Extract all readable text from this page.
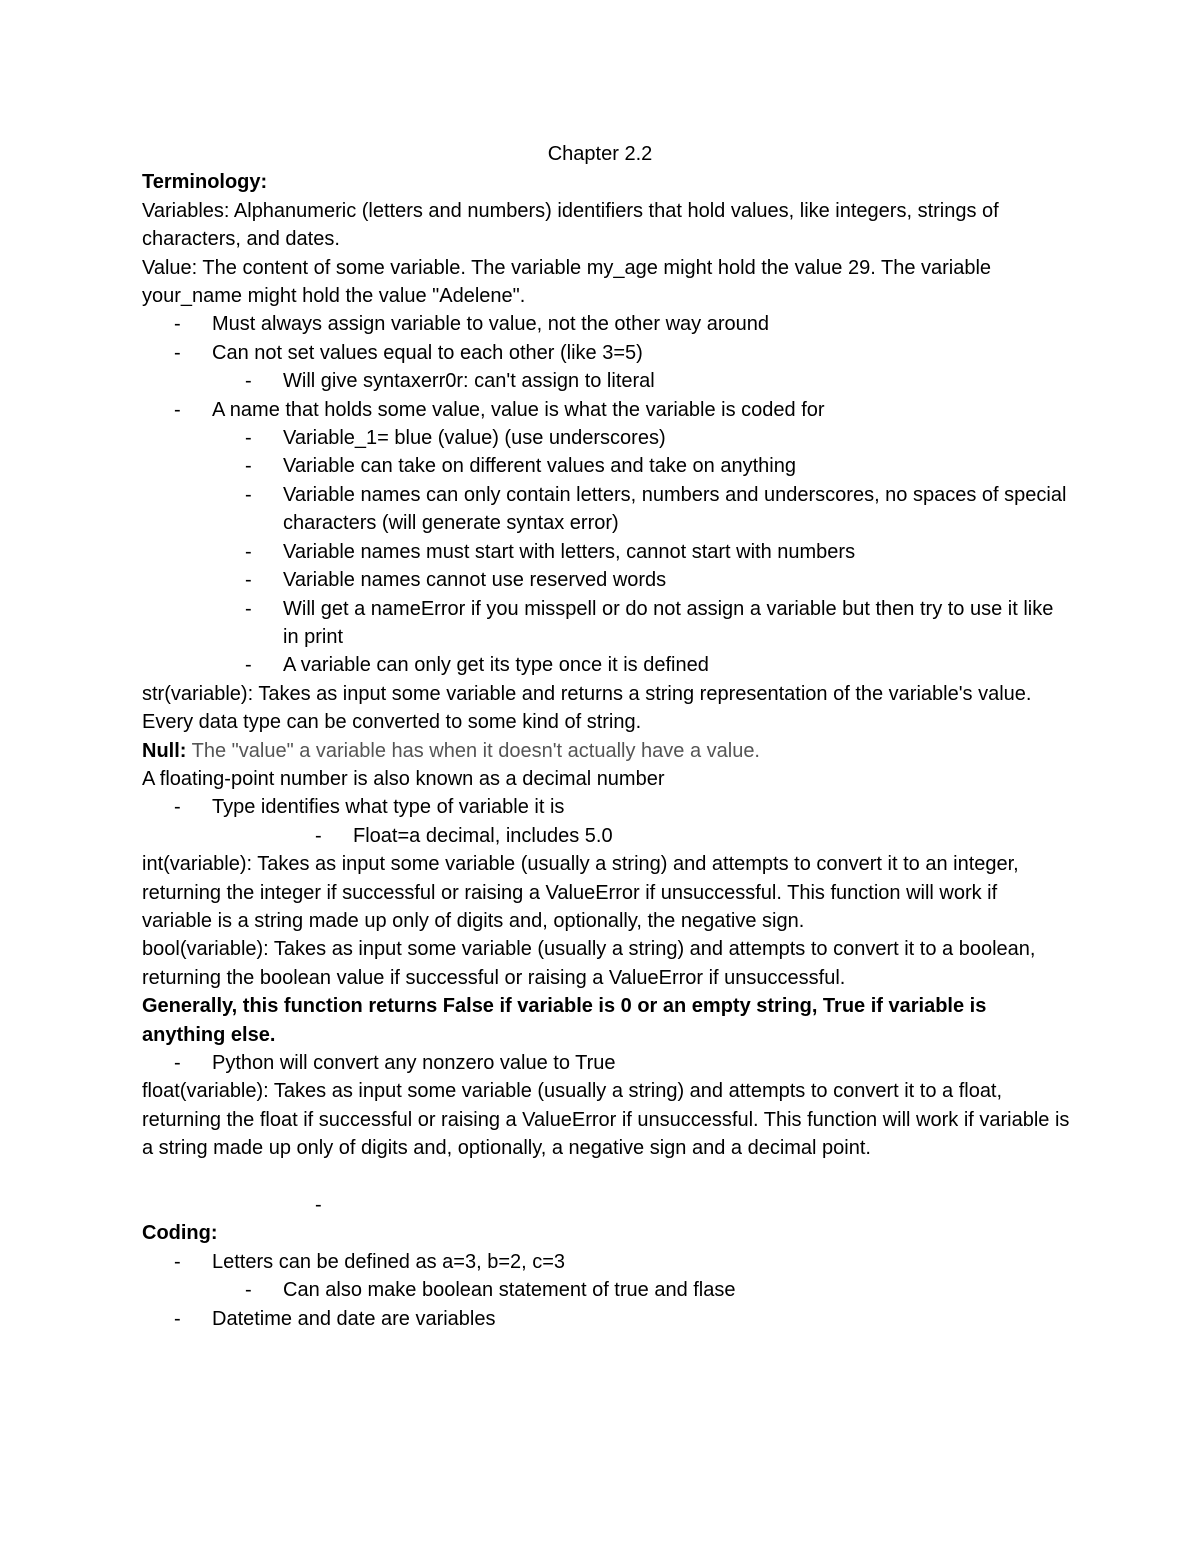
Chapter 2.2

Terminology:

Variables: Alphanumeric (letters and numbers) identifiers that hold values, like integers, strings of characters, and dates.

Value: The content of some variable. The variable my_age might hold the value 29. The variable your_name might hold the value "Adelene".

- Must always assign variable to value, not the other way around
- Can not set values equal to each other (like 3=5)
- Will give syntaxerr0r: can't assign to literal
- A name that holds some value, value is what the variable is coded for
- Variable_1= blue (value) (use underscores)
- Variable can take on different values and take on anything
- Variable names can only contain letters, numbers and underscores, no spaces of special characters (will generate syntax error)
- Variable names must start with letters, cannot start with numbers
- Variable names cannot use reserved words
- Will get a nameError if you misspell or do not assign a variable but then try to use it like in print
- A variable can only get its type once it is defined

str(variable): Takes as input some variable and returns a string representation of the variable's value. Every data type can be converted to some kind of string.

Null: The "value" a variable has when it doesn't actually have a value.

A floating-point number is also known as a decimal number

- Type identifies what type of variable it is
- Float=a decimal, includes 5.0

int(variable): Takes as input some variable (usually a string) and attempts to convert it to an integer, returning the integer if successful or raising a ValueError if unsuccessful. This function will work if variable is a string made up only of digits and, optionally, the negative sign.

bool(variable): Takes as input some variable (usually a string) and attempts to convert it to a boolean, returning the boolean value if successful or raising a ValueError if unsuccessful.

Generally, this function returns False if variable is 0 or an empty string, True if variable is anything else.

- Python will convert any nonzero value to True

float(variable): Takes as input some variable (usually a string) and attempts to convert it to a float, returning the float if successful or raising a ValueError if unsuccessful. This function will work if variable is a string made up only of digits and, optionally, a negative sign and a decimal point.

-

Coding:

- Letters can be defined as a=3, b=2, c=3
- Can also make boolean statement of true and flase
- Datetime and date are variables
